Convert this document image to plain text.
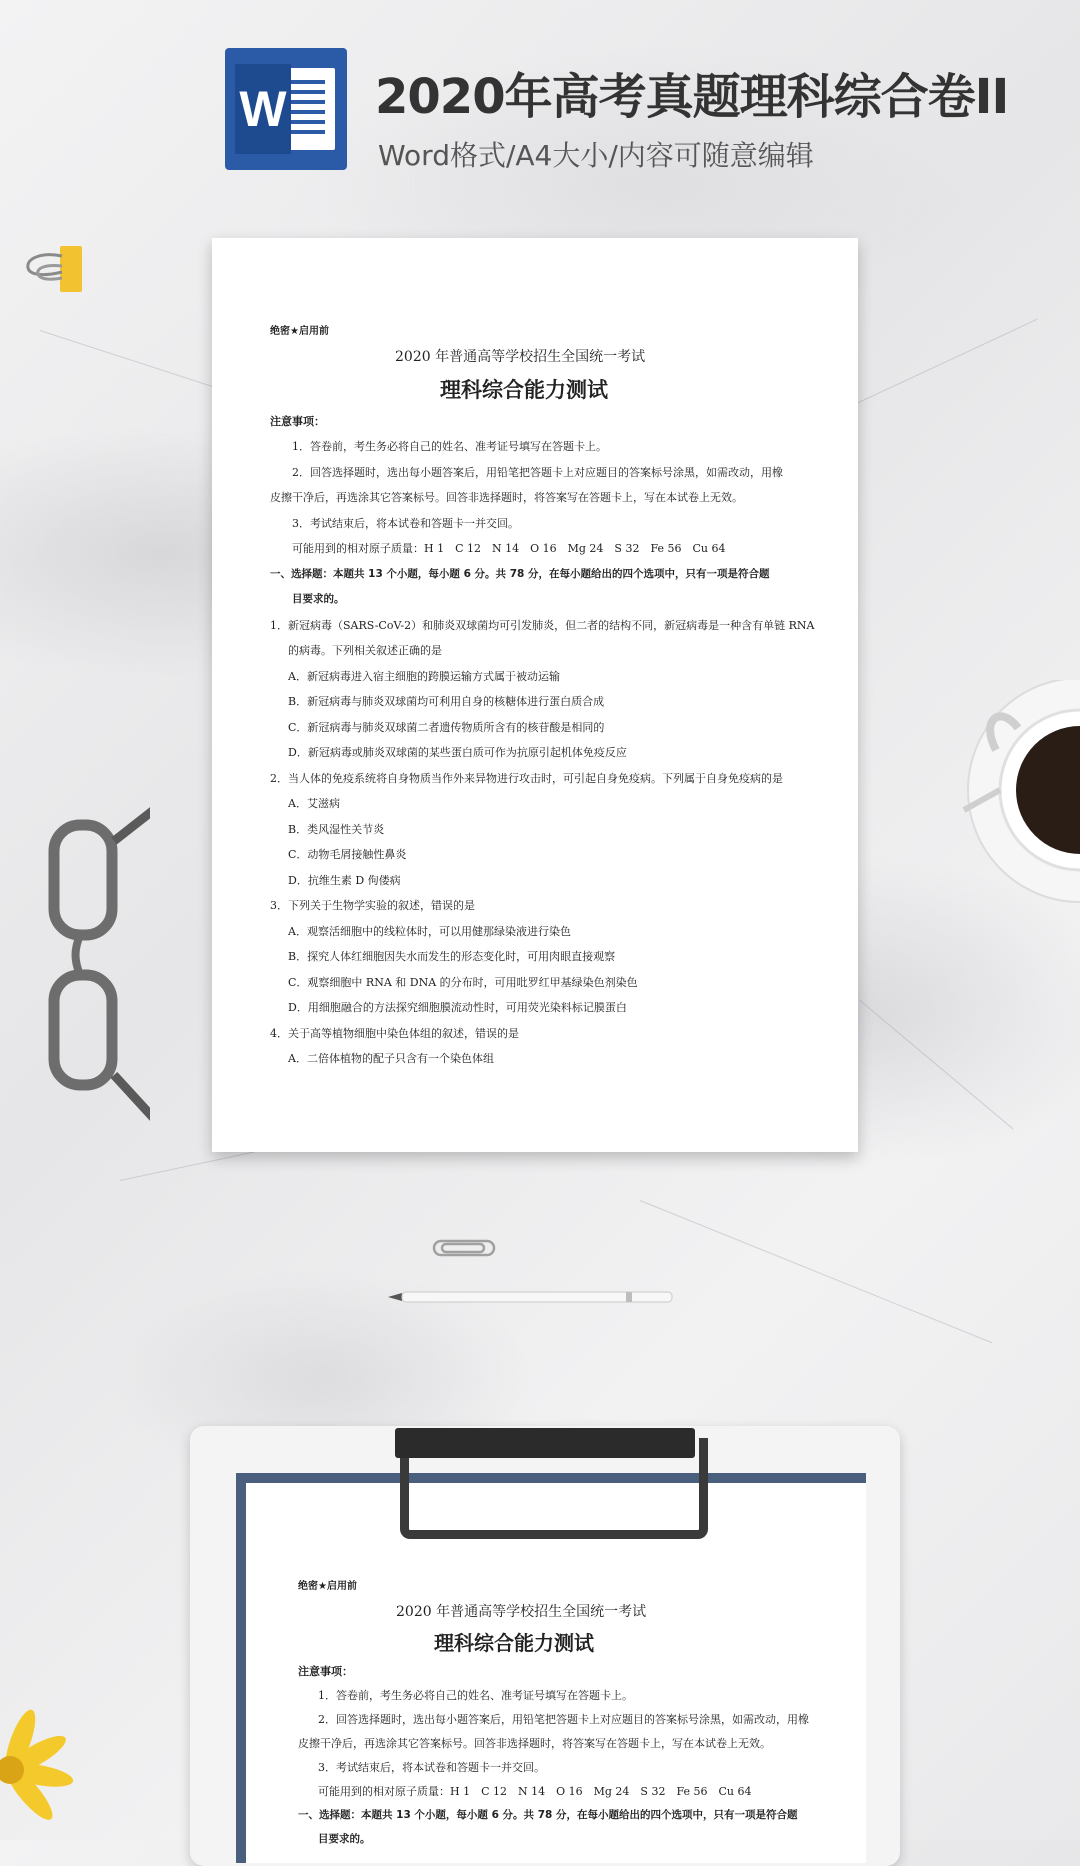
W 2020年高考真题理科综合卷II
Word格式/A4大小/内容可随意编辑
绝密★启用前
2020 年普通高等学校招生全国统一考试
理科综合能力测试
注意事项：
1．答卷前，考生务必将自己的姓名、准考证号填写在答题卡上。
2．回答选择题时，选出每小题答案后，用铅笔把答题卡上对应题目的答案标号涂黑，如需改动，用橡
皮擦干净后，再选涂其它答案标号。回答非选择题时，将答案写在答题卡上，写在本试卷上无效。
3．考试结束后，将本试卷和答题卡一并交回。
可能用到的相对原子质量：H 1　C 12　N 14　O 16　Mg 24　S 32　Fe 56　Cu 64
一、选择题：本题共 13 个小题，每小题 6 分。共 78 分，在每小题给出的四个选项中，只有一项是符合题
目要求的。
1．新冠病毒（SARS-CoV-2）和肺炎双球菌均可引发肺炎，但二者的结构不同，新冠病毒是一种含有单链 RNA
的病毒。下列相关叙述正确的是
A．新冠病毒进入宿主细胞的跨膜运输方式属于被动运输
B．新冠病毒与肺炎双球菌均可利用自身的核糖体进行蛋白质合成
C．新冠病毒与肺炎双球菌二者遗传物质所含有的核苷酸是相同的
D．新冠病毒或肺炎双球菌的某些蛋白质可作为抗原引起机体免疫反应
2．当人体的免疫系统将自身物质当作外来异物进行攻击时，可引起自身免疫病。下列属于自身免疫病的是
A．艾滋病
B．类风湿性关节炎
C．动物毛屑接触性鼻炎
D．抗维生素 D 佝偻病
3．下列关于生物学实验的叙述，错误的是
A．观察活细胞中的线粒体时，可以用健那绿染液进行染色
B．探究人体红细胞因失水而发生的形态变化时，可用肉眼直接观察
C．观察细胞中 RNA 和 DNA 的分布时，可用吡罗红甲基绿染色剂染色
D．用细胞融合的方法探究细胞膜流动性时，可用荧光染料标记膜蛋白
4．关于高等植物细胞中染色体组的叙述，错误的是
A．二倍体植物的配子只含有一个染色体组
绝密★启用前
2020 年普通高等学校招生全国统一考试
理科综合能力测试
注意事项：
1．答卷前，考生务必将自己的姓名、准考证号填写在答题卡上。
2．回答选择题时，选出每小题答案后，用铅笔把答题卡上对应题目的答案标号涂黑，如需改动，用橡
皮擦干净后，再选涂其它答案标号。回答非选择题时，将答案写在答题卡上，写在本试卷上无效。
3．考试结束后，将本试卷和答题卡一并交回。
可能用到的相对原子质量：H 1　C 12　N 14　O 16　Mg 24　S 32　Fe 56　Cu 64
一、选择题：本题共 13 个小题，每小题 6 分。共 78 分，在每小题给出的四个选项中，只有一项是符合题
目要求的。
